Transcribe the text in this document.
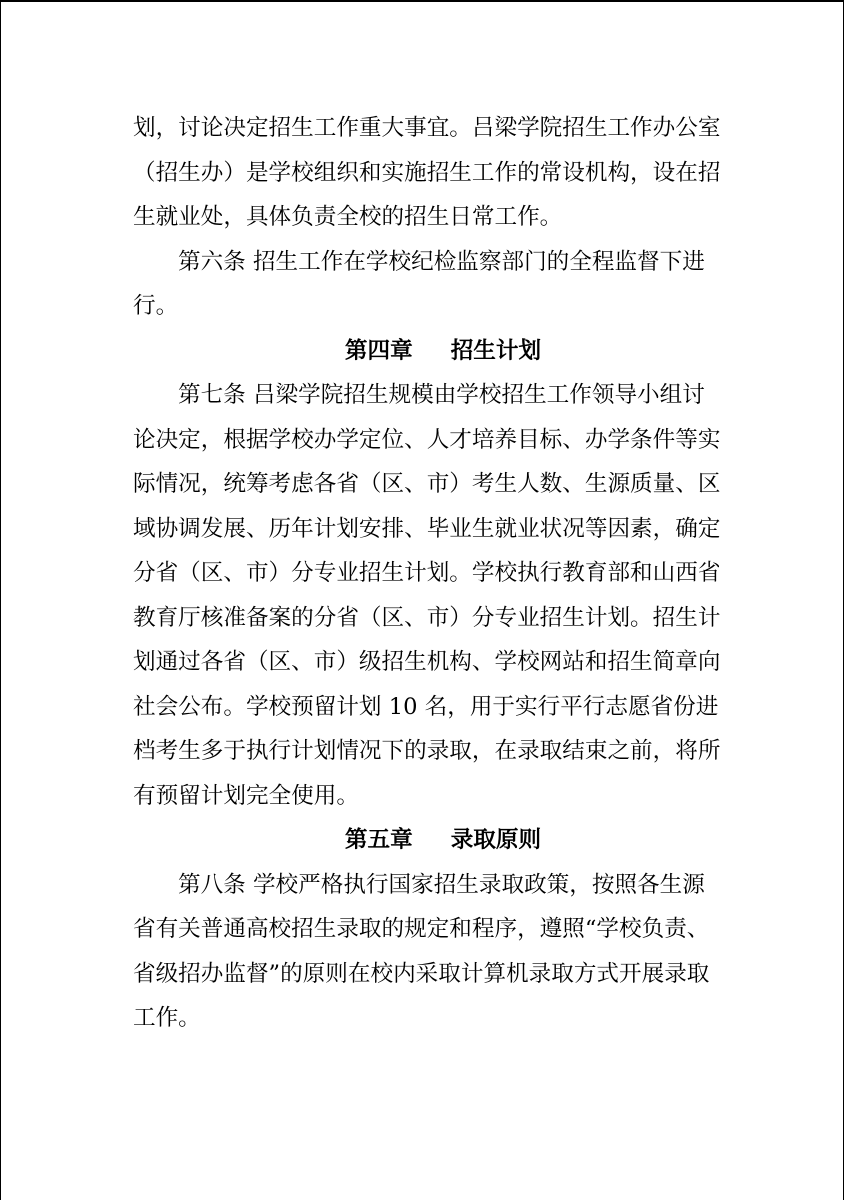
划，讨论决定招生工作重大事宜。吕梁学院招生工作办公室
（招生办）是学校组织和实施招生工作的常设机构，设在招
生就业处，具体负责全校的招生日常工作。
第六条 招生工作在学校纪检监察部门的全程监督下进
行。
第四章 招生计划
第七条 吕梁学院招生规模由学校招生工作领导小组讨
论决定，根据学校办学定位、人才培养目标、办学条件等实
际情况，统筹考虑各省（区、市）考生人数、生源质量、区
域协调发展、历年计划安排、毕业生就业状况等因素，确定
分省（区、市）分专业招生计划。学校执行教育部和山西省
教育厅核准备案的分省（区、市）分专业招生计划。招生计
划通过各省（区、市）级招生机构、学校网站和招生简章向
社会公布。学校预留计划 10 名，用于实行平行志愿省份进
档考生多于执行计划情况下的录取，在录取结束之前，将所
有预留计划完全使用。
第五章 录取原则
第八条 学校严格执行国家招生录取政策，按照各生源
省有关普通高校招生录取的规定和程序，遵照“学校负责、
省级招办监督”的原则在校内采取计算机录取方式开展录取
工作。
